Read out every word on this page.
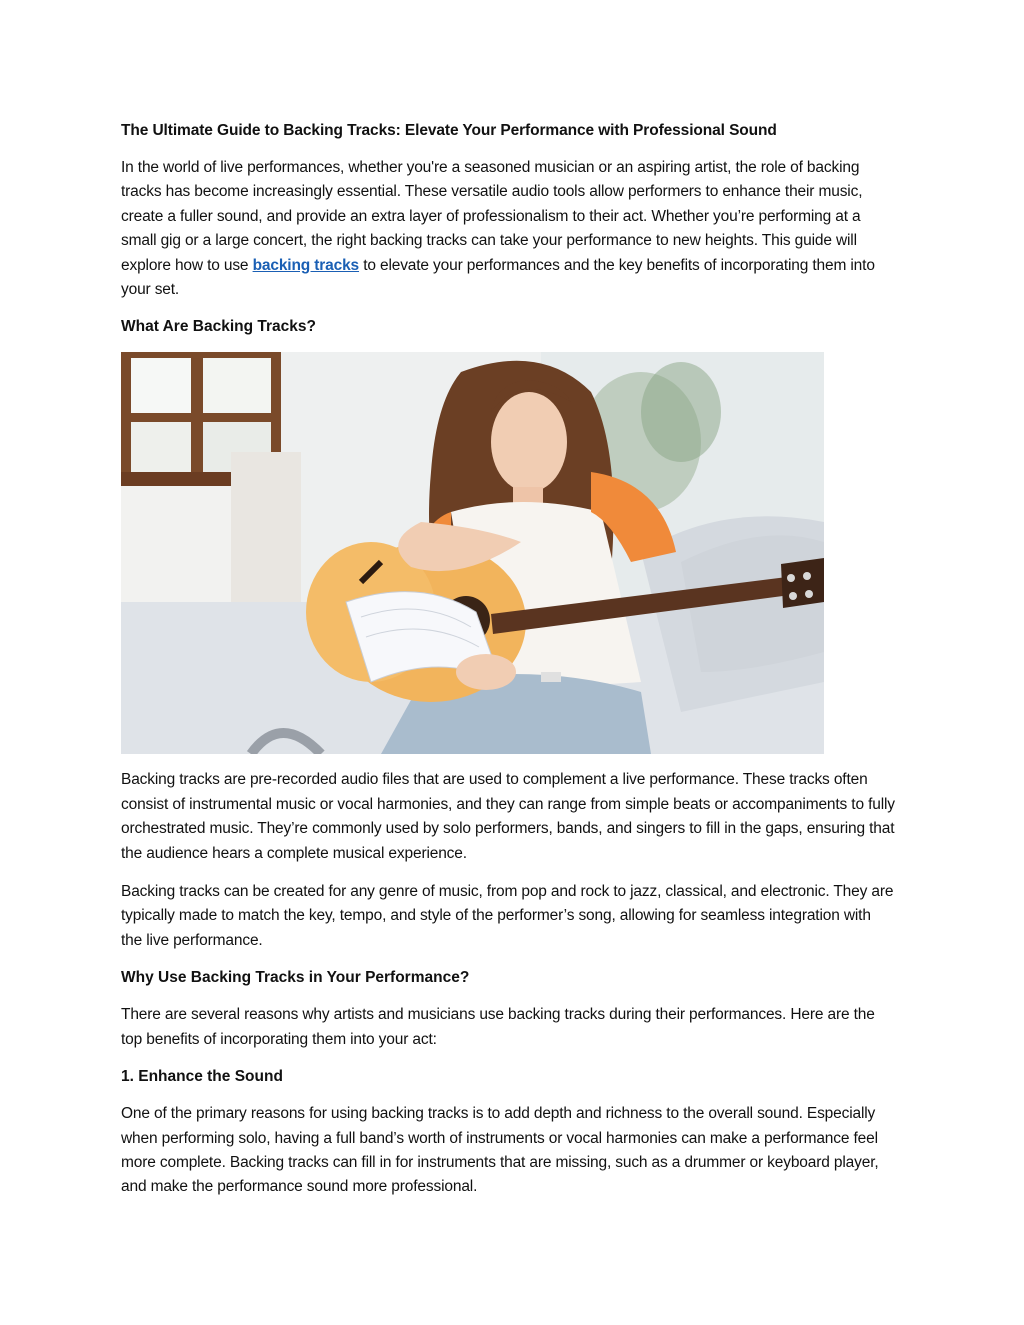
The Ultimate Guide to Backing Tracks: Elevate Your Performance with Professional Sound

In the world of live performances, whether you're a seasoned musician or an aspiring artist, the role of backing tracks has become increasingly essential. These versatile audio tools allow performers to enhance their music, create a fuller sound, and provide an extra layer of professionalism to their act. Whether you’re performing at a small gig or a large concert, the right backing tracks can take your performance to new heights. This guide will explore how to use backing tracks to elevate your performances and the key benefits of incorporating them into your set.

What Are Backing Tracks?

Backing tracks are pre-recorded audio files that are used to complement a live performance. These tracks often consist of instrumental music or vocal harmonies, and they can range from simple beats or accompaniments to fully orchestrated music. They’re commonly used by solo performers, bands, and singers to fill in the gaps, ensuring that the audience hears a complete musical experience.

Backing tracks can be created for any genre of music, from pop and rock to jazz, classical, and electronic. They are typically made to match the key, tempo, and style of the performer’s song, allowing for seamless integration with the live performance.

Why Use Backing Tracks in Your Performance?

There are several reasons why artists and musicians use backing tracks during their performances. Here are the top benefits of incorporating them into your act:

1. Enhance the Sound

One of the primary reasons for using backing tracks is to add depth and richness to the overall sound. Especially when performing solo, having a full band’s worth of instruments or vocal harmonies can make a performance feel more complete. Backing tracks can fill in for instruments that are missing, such as a drummer or keyboard player, and make the performance sound more professional.
